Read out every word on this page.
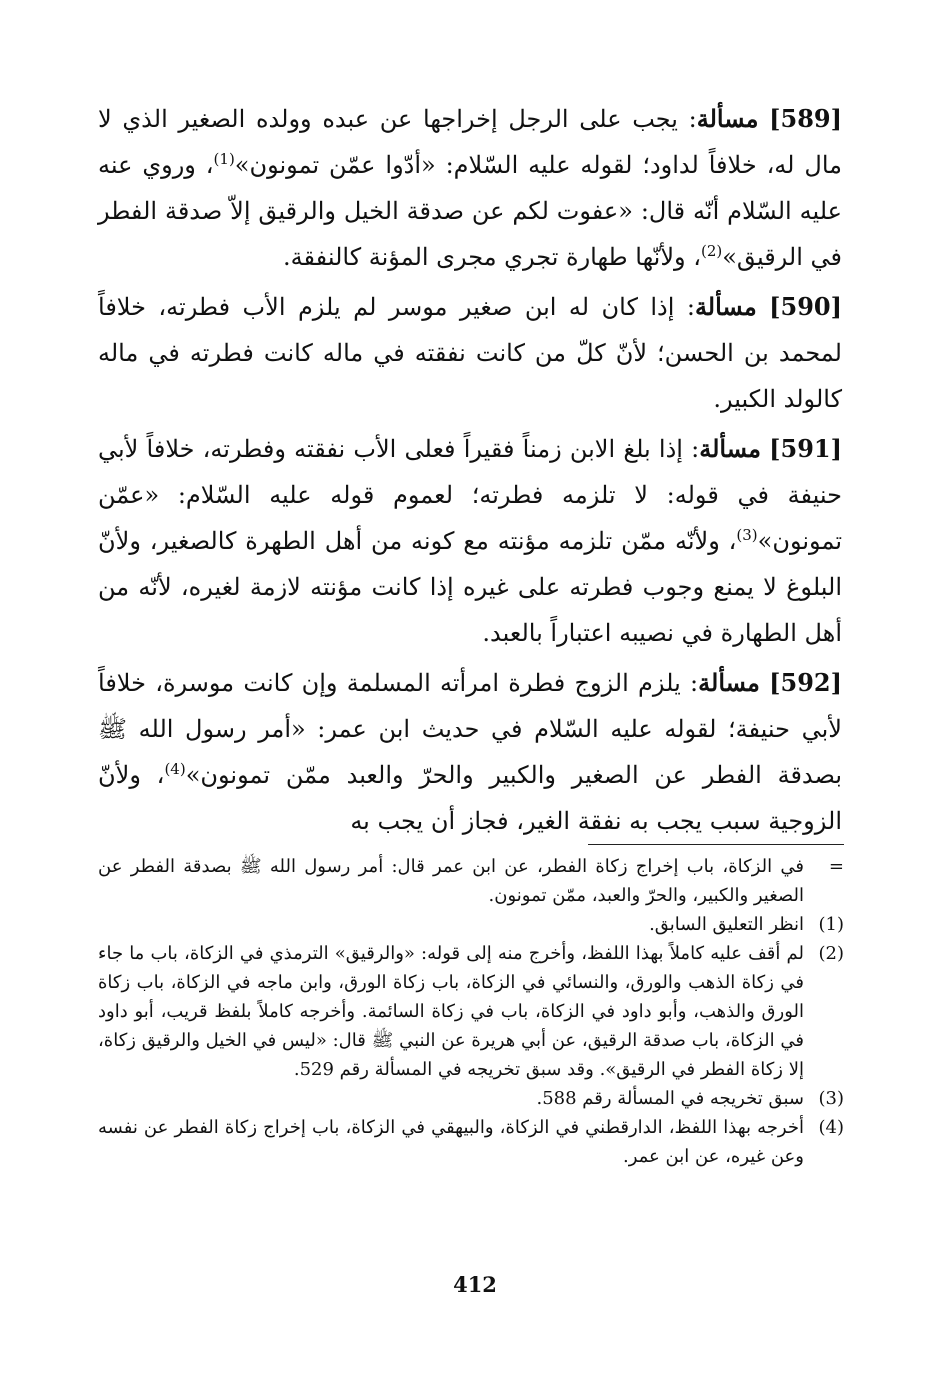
[589] مسألة: يجب على الرجل إخراجها عن عبده وولده الصغير الذي لا مال له، خلافاً لداود؛ لقوله عليه السّلام: «أدّوا عمّن تمونون»$^{(1)}$، وروي عنه عليه السّلام أنّه قال: «عفوت لكم عن صدقة الخيل والرقيق إلاّ صدقة الفطر في الرقيق»$^{(2)}$، ولأنّها طهارة تجري مجرى المؤنة كالنفقة.

[590] مسألة: إذا كان له ابن صغير موسر لم يلزم الأب فطرته، خلافاً لمحمد بن الحسن؛ لأنّ كلّ من كانت نفقته في ماله كانت فطرته في ماله كالولد الكبير.

[591] مسألة: إذا بلغ الابن زمناً فقيراً فعلى الأب نفقته وفطرته، خلافاً لأبي حنيفة في قوله: لا تلزمه فطرته؛ لعموم قوله عليه السّلام: «عمّن تمونون»$^{(3)}$، ولأنّه ممّن تلزمه مؤنته مع كونه من أهل الطهرة كالصغير، ولأنّ البلوغ لا يمنع وجوب فطرته على غيره إذا كانت مؤنته لازمة لغيره، لأنّه من أهل الطهارة في نصيبه اعتباراً بالعبد.

[592] مسألة: يلزم الزوج فطرة امرأته المسلمة وإن كانت موسرة، خلافاً لأبي حنيفة؛ لقوله عليه السّلام في حديث ابن عمر: «أمر رسول الله ﷺ بصدقة الفطر عن الصغير والكبير والحرّ والعبد ممّن تمونون»$^{(4)}$، ولأنّ الزوجية سبب يجب به نفقة الغير، فجاز أن يجب به

=
في الزكاة، باب إخراج زكاة الفطر، عن ابن عمر قال: أمر رسول الله ﷺ بصدقة الفطر عن الصغير والكبير، والحرّ والعبد، ممّن تمونون.
(1)
انظر التعليق السابق.
(2)
لم أقف عليه كاملاً بهذا اللفظ، وأخرج منه إلى قوله: «والرقيق» الترمذي في الزكاة، باب ما جاء في زكاة الذهب والورق، والنسائي في الزكاة، باب زكاة الورق، وابن ماجه في الزكاة، باب زكاة الورق والذهب، وأبو داود في الزكاة، باب في زكاة السائمة. وأخرجه كاملاً بلفظ قريب، أبو داود في الزكاة، باب صدقة الرقيق، عن أبي هريرة عن النبي ﷺ قال: «ليس في الخيل والرقيق زكاة، إلا زكاة الفطر في الرقيق». وقد سبق تخريجه في المسألة رقم 529.
(3)
سبق تخريجه في المسألة رقم 588.
(4)
أخرجه بهذا اللفظ، الدارقطني في الزكاة، والبيهقي في الزكاة، باب إخراج زكاة الفطر عن نفسه وعن غيره، عن ابن عمر.
412
